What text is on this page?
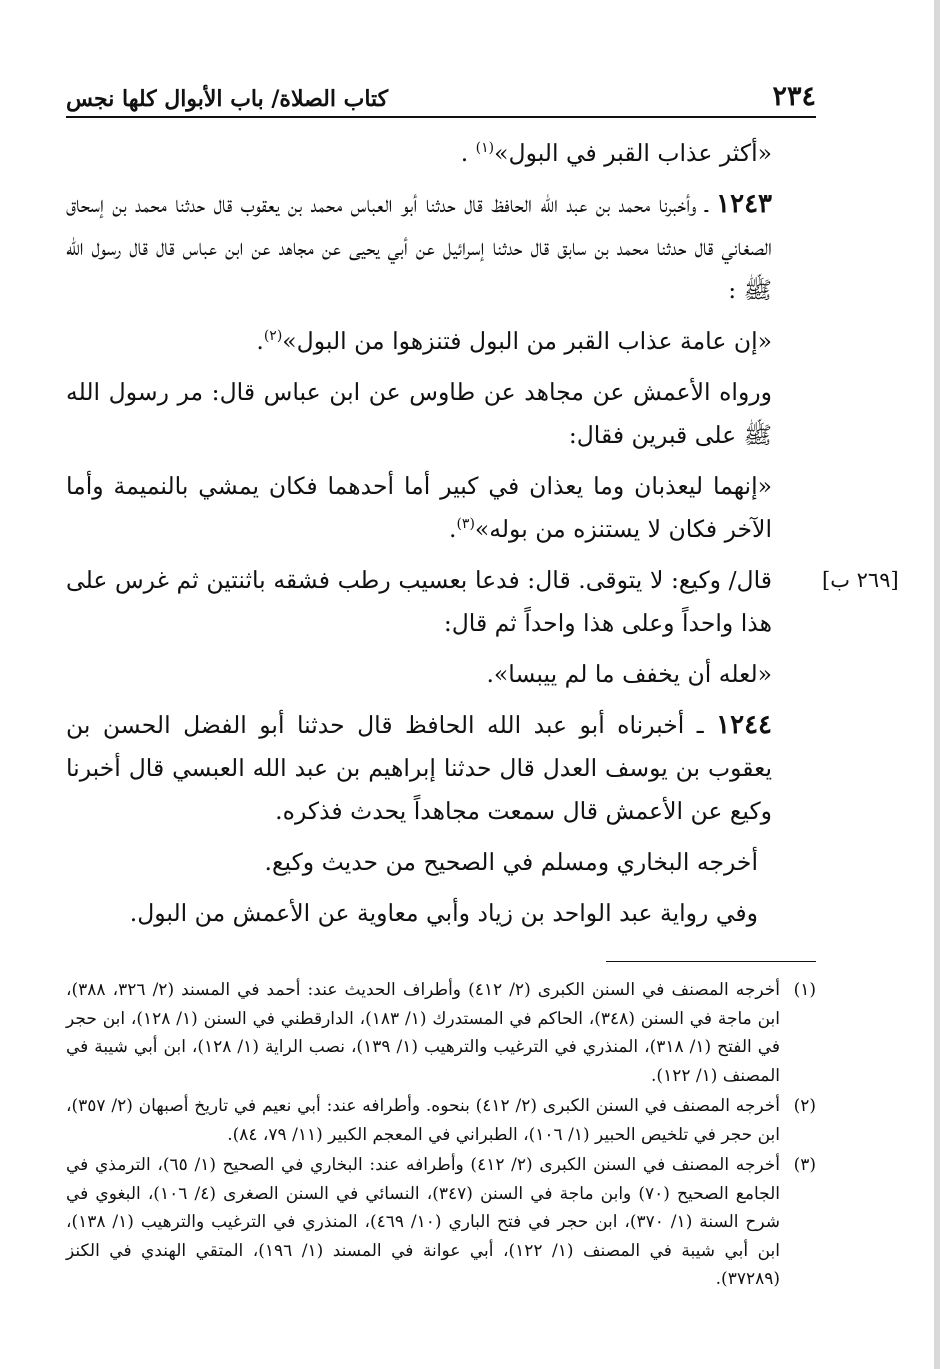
٢٣٤
كتاب الصلاة/ باب الأبوال كلها نجس

«أكثر عذاب القبر في البول»$^{(١)}$ .

١٢٤٣ ـ وأخبرنا محمد بن عبد الله الحافظ قال حدثنا أبو العباس محمد بن يعقوب قال حدثنا محمد بن إسحاق الصغاني قال حدثنا محمد بن سابق قال حدثنا إسرائيل عن أبي يحيى عن مجاهد عن ابن عباس قال قال رسول الله ﷺ :

«إن عامة عذاب القبر من البول فتنزهوا من البول»$^{(٢)}$.

ورواه الأعمش عن مجاهد عن طاوس عن ابن عباس قال: مر رسول الله ﷺ على قبرين فقال:

«إنهما ليعذبان وما يعذان في كبير أما أحدهما فكان يمشي بالنميمة وأما الآخر فكان لا يستنزه من بوله»$^{(٣)}$.

[٢٦٩ ب]
قال/ وكيع: لا يتوقى. قال: فدعا بعسيب رطب فشقه باثنتين ثم غرس على هذا واحداً وعلى هذا واحداً ثم قال:

«لعله أن يخفف ما لم ييبسا».

١٢٤٤ ـ أخبرناه أبو عبد الله الحافظ قال حدثنا أبو الفضل الحسن بن يعقوب بن يوسف العدل قال حدثنا إبراهيم بن عبد الله العبسي قال أخبرنا وكيع عن الأعمش قال سمعت مجاهداً يحدث فذكره.

أخرجه البخاري ومسلم في الصحيح من حديث وكيع.

وفي رواية عبد الواحد بن زياد وأبي معاوية عن الأعمش من البول.

(١)
أخرجه المصنف في السنن الكبرى (٢/ ٤١٢) وأطراف الحديث عند: أحمد في المسند (٢/ ٣٢٦، ٣٨٨)، ابن ماجة في السنن (٣٤٨)، الحاكم في المستدرك (١/ ١٨٣)، الدارقطني في السنن (١/ ١٢٨)، ابن حجر في الفتح (١/ ٣١٨)، المنذري في الترغيب والترهيب (١/ ١٣٩)، نصب الراية (١/ ١٢٨)، ابن أبي شيبة في المصنف (١/ ١٢٢).
(٢)
أخرجه المصنف في السنن الكبرى (٢/ ٤١٢) بنحوه. وأطرافه عند: أبي نعيم في تاريخ أصبهان (٢/ ٣٥٧)، ابن حجر في تلخيص الحبير (١/ ١٠٦)، الطبراني في المعجم الكبير (١١/ ٧٩، ٨٤).
(٣)
أخرجه المصنف في السنن الكبرى (٢/ ٤١٢) وأطرافه عند: البخاري في الصحيح (١/ ٦٥)، الترمذي في الجامع الصحيح (٧٠) وابن ماجة في السنن (٣٤٧)، النسائي في السنن الصغرى (٤/ ١٠٦)، البغوي في شرح السنة (١/ ٣٧٠)، ابن حجر في فتح الباري (١٠/ ٤٦٩)، المنذري في الترغيب والترهيب (١/ ١٣٨)، ابن أبي شيبة في المصنف (١/ ١٢٢)، أبي عوانة في المسند (١/ ١٩٦)، المتقي الهندي في الكنز (٣٧٢٨٩).
